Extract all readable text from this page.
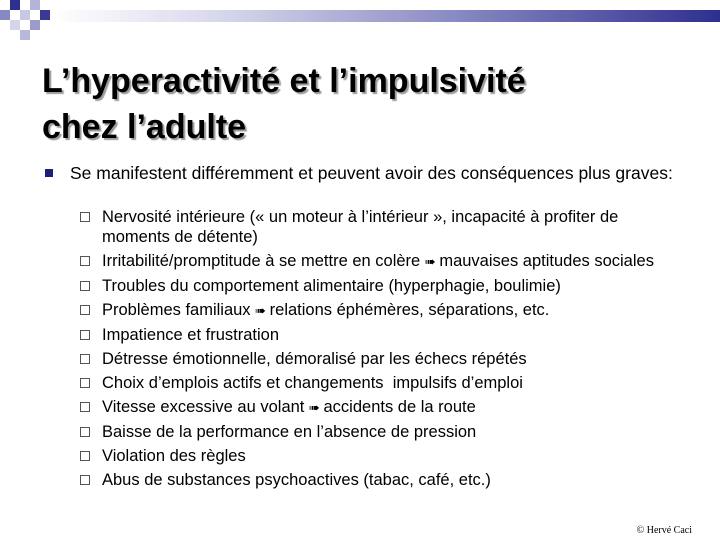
L’hyperactivité et l’impulsivité
chez l’adulte
Se manifestent différemment et peuvent avoir des conséquences plus graves:
Nervosité intérieure (« un moteur à l’intérieur », incapacité à profiter de moments de détente)
Irritabilité/promptitude à se mettre en colère ➠ mauvaises aptitudes sociales
Troubles du comportement alimentaire (hyperphagie, boulimie)
Problèmes familiaux ➠ relations éphémères, séparations, etc.
Impatience et frustration
Détresse émotionnelle, démoralisé par les échecs répétés
Choix d’emplois actifs et changements  impulsifs d’emploi
Vitesse excessive au volant ➠ accidents de la route
Baisse de la performance en l’absence de pression
Violation des règles
Abus de substances psychoactives (tabac, café, etc.)
© Hervé Caci
